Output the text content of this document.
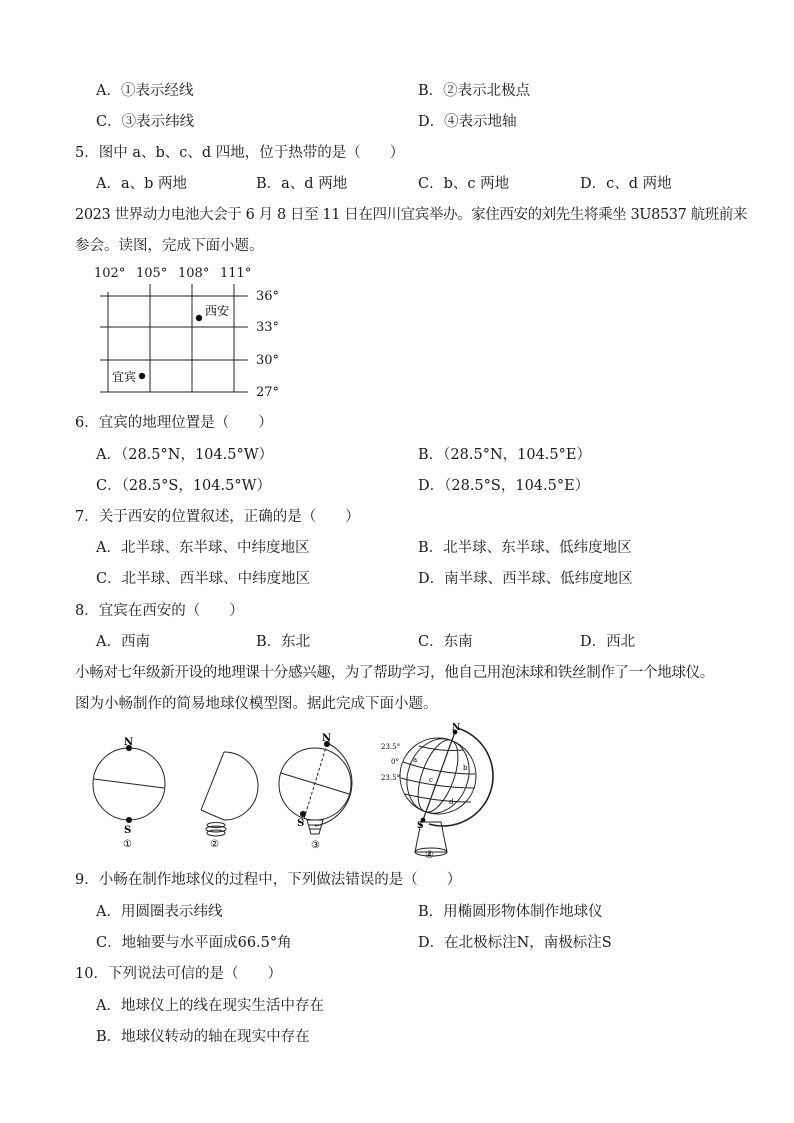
A．①表示经线	B．②表示北极点
C．③表示纬线	D．④表示地轴
5．图中 a、b、c、d 四地，位于热带的是（　　）
A．a、b 两地	B．a、d 两地	C．b、c 两地	D．c、d 两地
2023 世界动力电池大会于 6 月 8 日至 11 日在四川宜宾举办。家住西安的刘先生将乘坐 3U8537 航班前来
参会。读图，完成下面小题。
102° 105° 108° 111°
36°
33°
30°
27°
西安
宜宾
6．宜宾的地理位置是（　　）
A．（28.5°N，104.5°W）	B．（28.5°N，104.5°E）
C．（28.5°S，104.5°W）	D．（28.5°S，104.5°E）
7．关于西安的位置叙述，正确的是（　　）
A．北半球、东半球、中纬度地区	B．北半球、东半球、低纬度地区
C．北半球、西半球、中纬度地区	D．南半球、西半球、低纬度地区
8．宜宾在西安的（　　）
A．西南	B．东北	C．东南	D．西北
小畅对七年级新开设的地理课十分感兴趣，为了帮助学习，他自己用泡沫球和铁丝制作了一个地球仪。
图为小畅制作的简易地球仪模型图。据此完成下面小题。
N
S
①	②
N
S
③
N
S
23.5°
0°
23.5°
a
b
c
d
④
9．小畅在制作地球仪的过程中，下列做法错误的是（　　）
A．用圆圈表示纬线	B．用椭圆形物体制作地球仪
C．地轴要与水平面成66.5°角	D．在北极标注N，南极标注S
10．下列说法可信的是（　　）
A．地球仪上的线在现实生活中存在
B．地球仪转动的轴在现实中存在
